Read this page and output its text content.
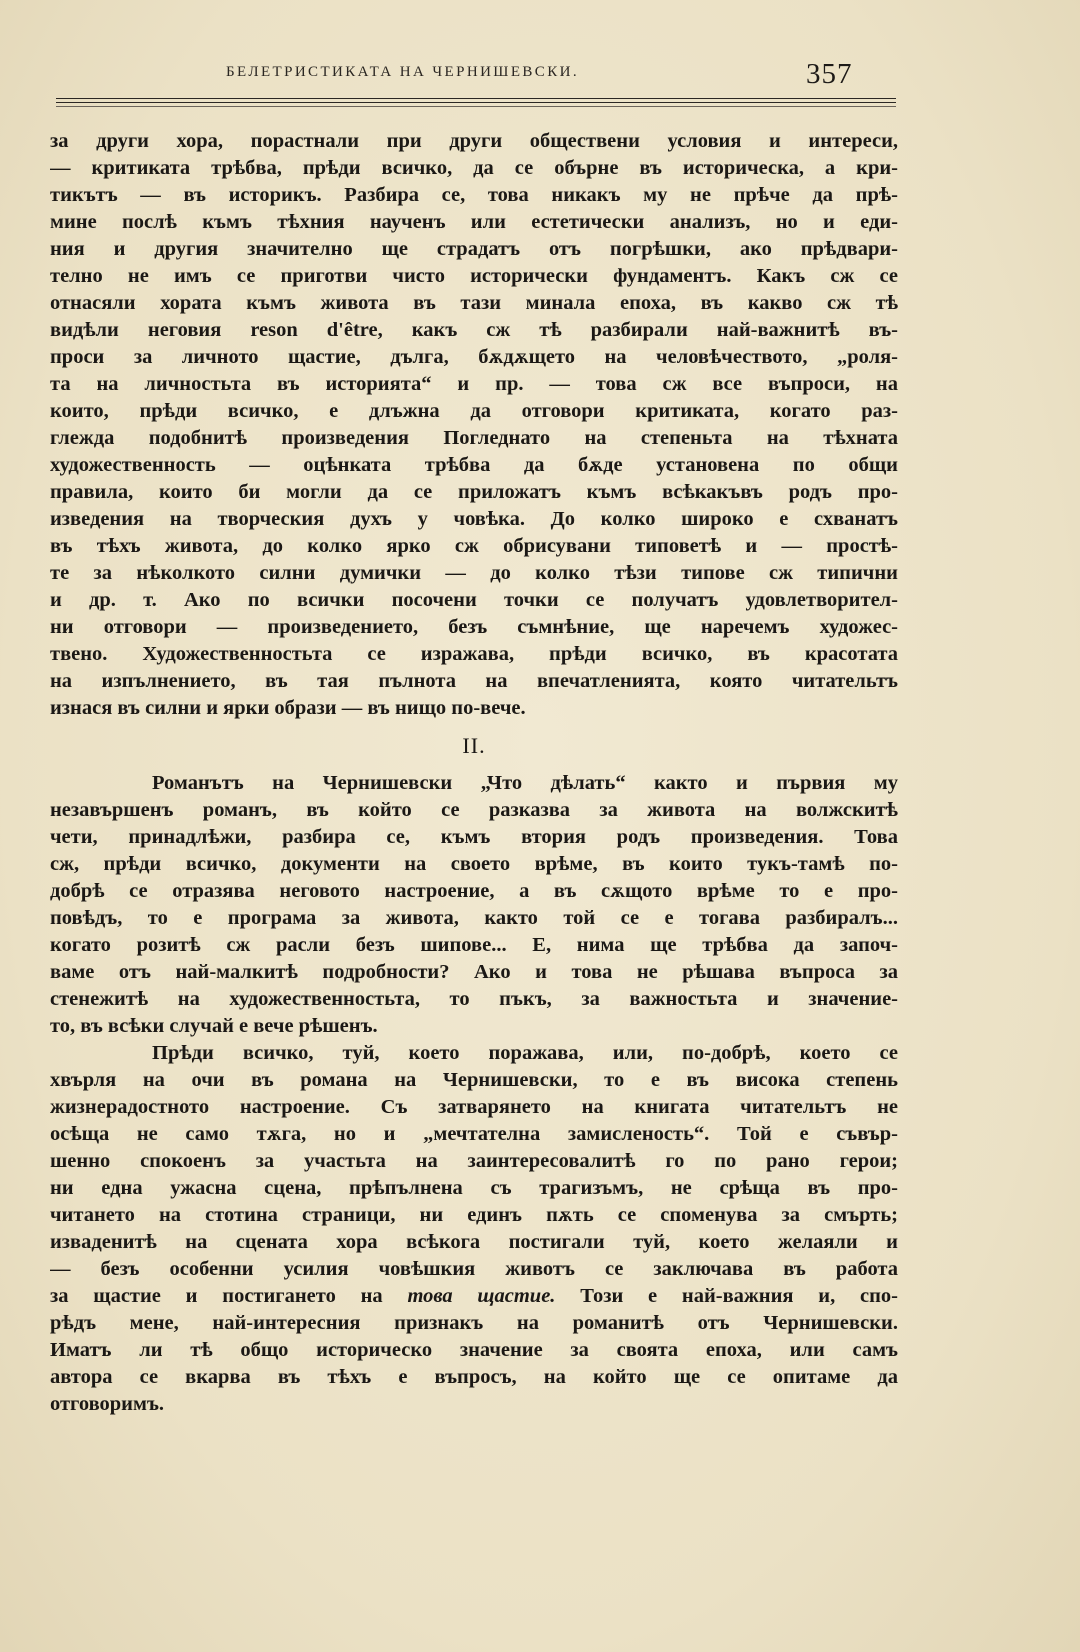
БЕЛЕТРИСТИКАТА НА ЧЕРНИШЕВСКИ.	357
за други хора, порастнали при други обществени условия и интереси,
— критиката трѣбва, прѣди всичко, да се обърне въ историческа, а кри-
тикътъ — въ историкъ. Разбира се, това никакъ му не прѣчe да прѣ-
мине послѣ къмъ тѣхния наученъ или естетически анализъ, но и еди-
ния и другия значително ще страдатъ отъ погрѣшки, ако прѣдвари-
телно не имъ се приготви чисто исторически фундаментъ. Какъ сж се
отнасяли хората къмъ живота въ тази минала епоха, въ какво сж тѣ
видѣли неговия reson d'être, какъ сж тѣ разбирали най-важнитѣ въ-
проси за личното щастие, дълга, бѫдѫщето на человѣчеството, „роля-
та на личностьта въ историята“ и пр. — това сж все въпроси, на
които, прѣди всичко, е длъжна да отговори критиката, когато раз-
глежда подобнитѣ произведения Погледнато на степеньта на тѣхната
художественность — оцѣнката трѣбва да бѫде установена по общи
правила, които би могли да се приложатъ къмъ всѣкакъвъ родъ про-
изведения на творческия духъ у човѣка. До колко широко е схванатъ
въ тѣхъ живота, до колко ярко сж обрисувани типоветѣ и — простѣ-
те за нѣколкото силни думички — до колко тѣзи типове сж типични
и др. т. Ако по всички посочени точки се получатъ удовлетворител-
ни отговори — произведението, безъ съмнѣние, ще наречемъ художес-
твено. Художественностьта се изражава, прѣди всичко, въ красотата
на изпълнението, въ тая пълнота на впечатленията, която читательтъ
изнася въ силни и ярки образи — въ нищо по-вече.
II.
Романътъ на Чернишевски „Что дѣлать“ както и първия му
незавършенъ романъ, въ който се разказва за живота на волжскитѣ
чети, принадлѣжи, разбира се, къмъ втория родъ произведения. Това
сж, прѣди всичко, документи на своето врѣме, въ които тукъ-тамѣ по-
добрѣ се отразява неговото настроение, а въ сѫщото врѣме то е про-
повѣдъ, то е програма за живота, както той се е тогава разбиралъ...
когато розитѣ сж расли безъ шипове... Е, нима ще трѣбва да започ-
ваме отъ най-малкитѣ подробности? Ако и това не рѣшава въпроса за
стенежитѣ на художественностьта, то пъкъ, за важностьта и значение-
то, въ всѣки случай е вече рѣшенъ.
Прѣди всичко, туй, което поражава, или, по-добрѣ, което се
хвърля на очи въ романа на Чернишевски, то е въ висока степень
жизнерадостното настроение. Съ затварянето на книгата читательтъ не
осѣща не само тѫга, но и „мечтателна замисленость“. Той е съвър-
шенно спокоенъ за участьта на заинтересовалитѣ го по рано герои;
ни една ужасна сцена, прѣпълнена съ трагизъмъ, не срѣща въ про-
читането на стотина страници, ни единъ пѫть се споменува за смърть;
изваденитѣ на сцената хора всѣкога постигали туй, което желаяли и
— безъ особенни усилия човѣшкия животъ се заключава въ работа
за щастие и постигането на това щастие. Този е най-важния и, спо-
рѣдъ мене, най-интересния признакъ на романитѣ отъ Чернишевски.
Иматъ ли тѣ общо историческо значение за своята епоха, или самъ
автора се вкарва въ тѣхъ е въпросъ, на който ще се опитаме да
отговоримъ.
